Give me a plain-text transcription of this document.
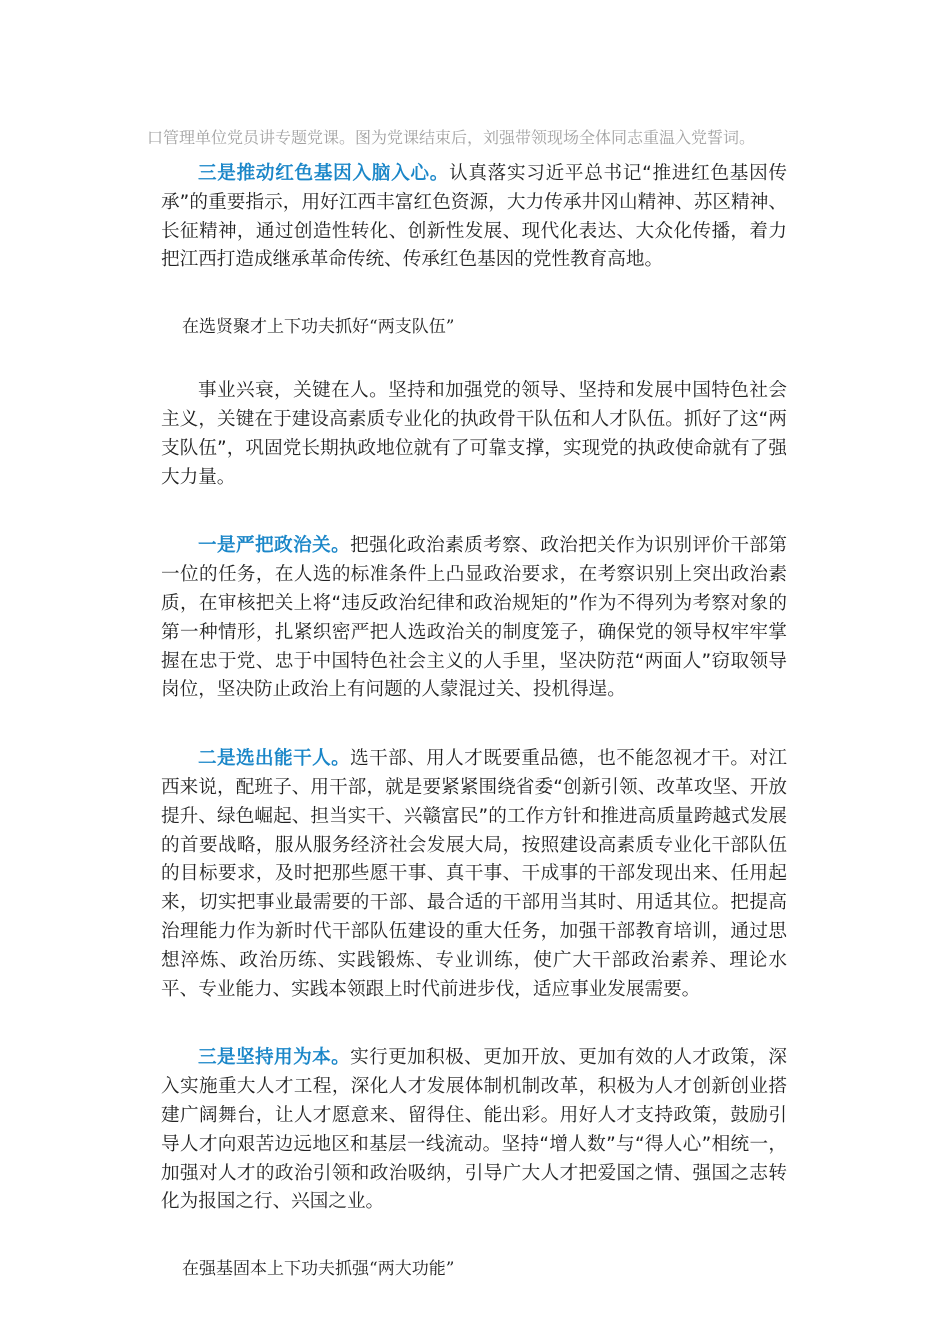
口管理单位党员讲专题党课。图为党课结束后，刘强带领现场全体同志重温入党誓词。

三是推动红色基因入脑入心。认真落实习近平总书记“推进红色基因传承”的重要指示，用好江西丰富红色资源，大力传承井冈山精神、苏区精神、长征精神，通过创造性转化、创新性发展、现代化表达、大众化传播，着力把江西打造成继承革命传统、传承红色基因的党性教育高地。

在选贤聚才上下功夫抓好“两支队伍”

事业兴衰，关键在人。坚持和加强党的领导、坚持和发展中国特色社会主义，关键在于建设高素质专业化的执政骨干队伍和人才队伍。抓好了这“两支队伍”，巩固党长期执政地位就有了可靠支撑，实现党的执政使命就有了强大力量。

一是严把政治关。把强化政治素质考察、政治把关作为识别评价干部第一位的任务，在人选的标准条件上凸显政治要求，在考察识别上突出政治素质，在审核把关上将“违反政治纪律和政治规矩的”作为不得列为考察对象的第一种情形，扎紧织密严把人选政治关的制度笼子，确保党的领导权牢牢掌握在忠于党、忠于中国特色社会主义的人手里，坚决防范“两面人”窃取领导岗位，坚决防止政治上有问题的人蒙混过关、投机得逞。

二是选出能干人。选干部、用人才既要重品德，也不能忽视才干。对江西来说，配班子、用干部，就是要紧紧围绕省委“创新引领、改革攻坚、开放提升、绿色崛起、担当实干、兴赣富民”的工作方针和推进高质量跨越式发展的首要战略，服从服务经济社会发展大局，按照建设高素质专业化干部队伍的目标要求，及时把那些愿干事、真干事、干成事的干部发现出来、任用起来，切实把事业最需要的干部、最合适的干部用当其时、用适其位。把提高治理能力作为新时代干部队伍建设的重大任务，加强干部教育培训，通过思想淬炼、政治历练、实践锻炼、专业训练，使广大干部政治素养、理论水平、专业能力、实践本领跟上时代前进步伐，适应事业发展需要。

三是坚持用为本。实行更加积极、更加开放、更加有效的人才政策，深入实施重大人才工程，深化人才发展体制机制改革，积极为人才创新创业搭建广阔舞台，让人才愿意来、留得住、能出彩。用好人才支持政策，鼓励引导人才向艰苦边远地区和基层一线流动。坚持“增人数”与“得人心”相统一，加强对人才的政治引领和政治吸纳，引导广大人才把爱国之情、强国之志转化为报国之行、兴国之业。

在强基固本上下功夫抓强“两大功能”
